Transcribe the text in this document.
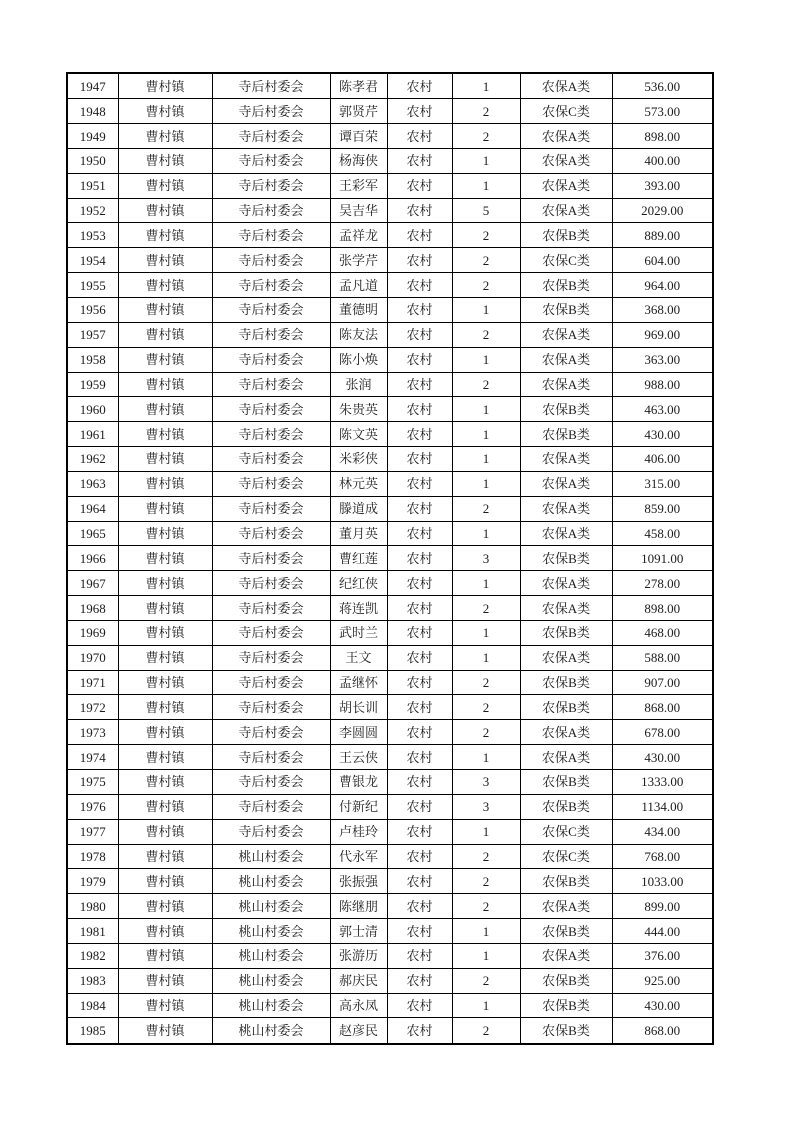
1947	曹村镇	寺后村委会	陈孝君	农村	1	农保A类	536.00
1948	曹村镇	寺后村委会	郭贤芹	农村	2	农保C类	573.00
1949	曹村镇	寺后村委会	谭百荣	农村	2	农保A类	898.00
1950	曹村镇	寺后村委会	杨海侠	农村	1	农保A类	400.00
1951	曹村镇	寺后村委会	王彩军	农村	1	农保A类	393.00
1952	曹村镇	寺后村委会	吴吉华	农村	5	农保A类	2029.00
1953	曹村镇	寺后村委会	孟祥龙	农村	2	农保B类	889.00
1954	曹村镇	寺后村委会	张学芹	农村	2	农保C类	604.00
1955	曹村镇	寺后村委会	孟凡道	农村	2	农保B类	964.00
1956	曹村镇	寺后村委会	董德明	农村	1	农保B类	368.00
1957	曹村镇	寺后村委会	陈友法	农村	2	农保A类	969.00
1958	曹村镇	寺后村委会	陈小焕	农村	1	农保A类	363.00
1959	曹村镇	寺后村委会	张润	农村	2	农保A类	988.00
1960	曹村镇	寺后村委会	朱贵英	农村	1	农保B类	463.00
1961	曹村镇	寺后村委会	陈文英	农村	1	农保B类	430.00
1962	曹村镇	寺后村委会	米彩侠	农村	1	农保A类	406.00
1963	曹村镇	寺后村委会	林元英	农村	1	农保A类	315.00
1964	曹村镇	寺后村委会	滕道成	农村	2	农保A类	859.00
1965	曹村镇	寺后村委会	董月英	农村	1	农保A类	458.00
1966	曹村镇	寺后村委会	曹红莲	农村	3	农保B类	1091.00
1967	曹村镇	寺后村委会	纪红侠	农村	1	农保A类	278.00
1968	曹村镇	寺后村委会	蒋连凯	农村	2	农保A类	898.00
1969	曹村镇	寺后村委会	武时兰	农村	1	农保B类	468.00
1970	曹村镇	寺后村委会	王文	农村	1	农保A类	588.00
1971	曹村镇	寺后村委会	孟继怀	农村	2	农保B类	907.00
1972	曹村镇	寺后村委会	胡长训	农村	2	农保B类	868.00
1973	曹村镇	寺后村委会	李圆圆	农村	2	农保A类	678.00
1974	曹村镇	寺后村委会	王云侠	农村	1	农保A类	430.00
1975	曹村镇	寺后村委会	曹银龙	农村	3	农保B类	1333.00
1976	曹村镇	寺后村委会	付新纪	农村	3	农保B类	1134.00
1977	曹村镇	寺后村委会	卢桂玲	农村	1	农保C类	434.00
1978	曹村镇	桃山村委会	代永军	农村	2	农保C类	768.00
1979	曹村镇	桃山村委会	张振强	农村	2	农保B类	1033.00
1980	曹村镇	桃山村委会	陈继朋	农村	2	农保A类	899.00
1981	曹村镇	桃山村委会	郭士清	农村	1	农保B类	444.00
1982	曹村镇	桃山村委会	张游历	农村	1	农保A类	376.00
1983	曹村镇	桃山村委会	郝庆民	农村	2	农保B类	925.00
1984	曹村镇	桃山村委会	高永凤	农村	1	农保B类	430.00
1985	曹村镇	桃山村委会	赵彦民	农村	2	农保B类	868.00
